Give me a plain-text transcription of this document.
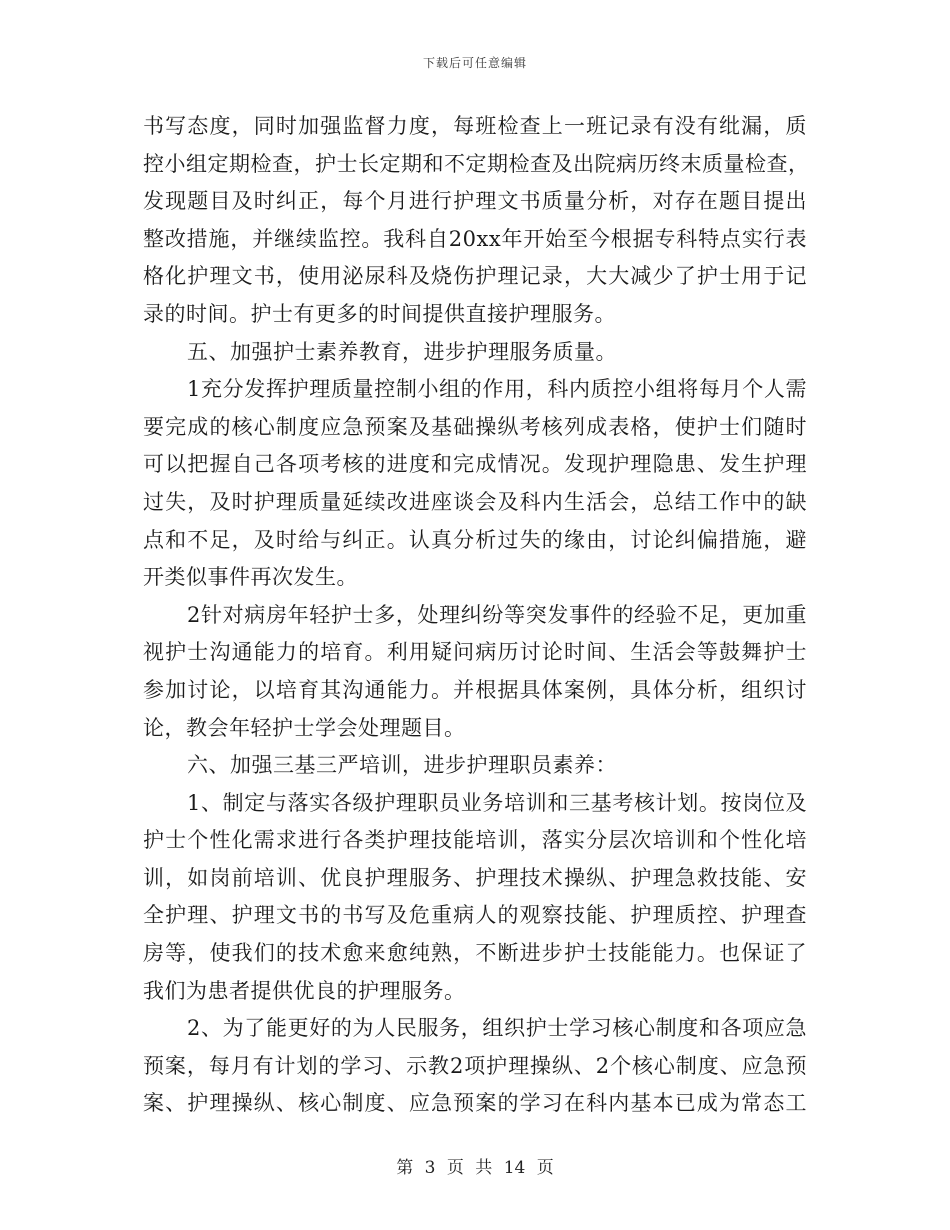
下载后可任意编辑
书写态度，同时加强监督力度，每班检查上一班记录有没有纰漏，质
控小组定期检查，护士长定期和不定期检查及出院病历终末质量检查，
发现题目及时纠正，每个月进行护理文书质量分析，对存在题目提出
整改措施，并继续监控。我科自20xx年开始至今根据专科特点实行表
格化护理文书，使用泌尿科及烧伤护理记录，大大减少了护士用于记
录的时间。护士有更多的时间提供直接护理服务。
五、加强护士素养教育，进步护理服务质量。
1充分发挥护理质量控制小组的作用，科内质控小组将每月个人需
要完成的核心制度应急预案及基础操纵考核列成表格，使护士们随时
可以把握自己各项考核的进度和完成情况。发现护理隐患、发生护理
过失，及时护理质量延续改进座谈会及科内生活会，总结工作中的缺
点和不足，及时给与纠正。认真分析过失的缘由，讨论纠偏措施，避
开类似事件再次发生。
2针对病房年轻护士多，处理纠纷等突发事件的经验不足，更加重
视护士沟通能力的培育。利用疑问病历讨论时间、生活会等鼓舞护士
参加讨论，以培育其沟通能力。并根据具体案例，具体分析，组织讨
论，教会年轻护士学会处理题目。
六、加强三基三严培训，进步护理职员素养：
1、制定与落实各级护理职员业务培训和三基考核计划。按岗位及
护士个性化需求进行各类护理技能培训，落实分层次培训和个性化培
训，如岗前培训、优良护理服务、护理技术操纵、护理急救技能、安
全护理、护理文书的书写及危重病人的观察技能、护理质控、护理查
房等，使我们的技术愈来愈纯熟，不断进步护士技能能力。也保证了
我们为患者提供优良的护理服务。
2、为了能更好的为人民服务，组织护士学习核心制度和各项应急
预案，每月有计划的学习、示教2项护理操纵、2个核心制度、应急预
案、护理操纵、核心制度、应急预案的学习在科内基本已成为常态工
第 3 页 共 14 页
